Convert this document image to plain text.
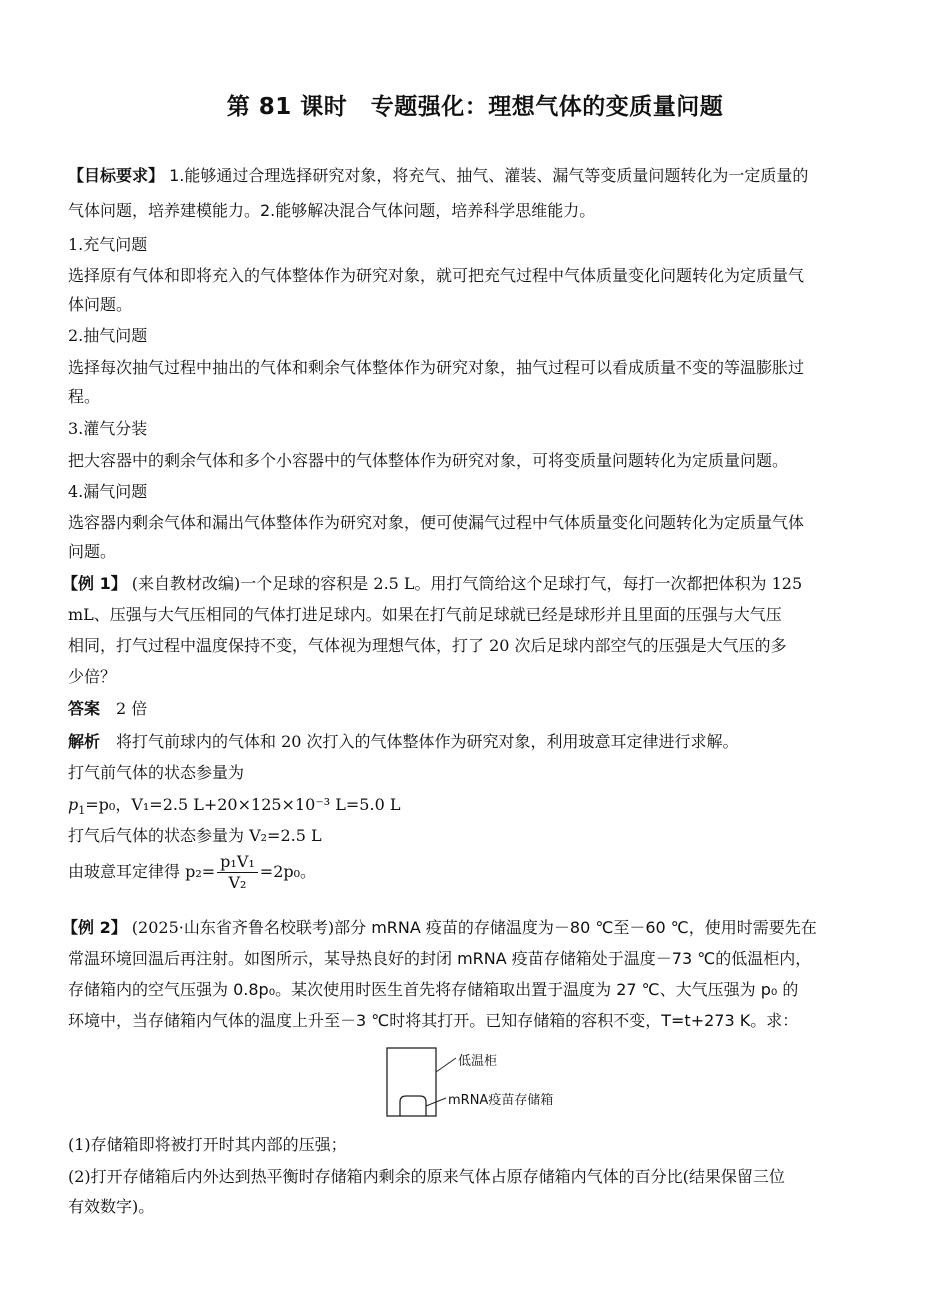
第 81 课时　专题强化：理想气体的变质量问题
【目标要求】 1.能够通过合理选择研究对象，将充气、抽气、灌装、漏气等变质量问题转化为一定质量的
气体问题，培养建模能力。2.能够解决混合气体问题，培养科学思维能力。
1.充气问题
选择原有气体和即将充入的气体整体作为研究对象，就可把充气过程中气体质量变化问题转化为定质量气
体问题。
2.抽气问题
选择每次抽气过程中抽出的气体和剩余气体整体作为研究对象，抽气过程可以看成质量不变的等温膨胀过
程。
3.灌气分装
把大容器中的剩余气体和多个小容器中的气体整体作为研究对象，可将变质量问题转化为定质量问题。
4.漏气问题
选容器内剩余气体和漏出气体整体作为研究对象，便可使漏气过程中气体质量变化问题转化为定质量气体
问题。
【例 1】 (来自教材改编)一个足球的容积是 2.5 L。用打气筒给这个足球打气，每打一次都把体积为 125
mL、压强与大气压相同的气体打进足球内。如果在打气前足球就已经是球形并且里面的压强与大气压
相同，打气过程中温度保持不变，气体视为理想气体，打了 20 次后足球内部空气的压强是大气压的多
少倍？
答案　2 倍
解析　将打气前球内的气体和 20 次打入的气体整体作为研究对象，利用玻意耳定律进行求解。
打气前气体的状态参量为
$p_1=p_0$，V₁=2.5 L+20×125×10⁻³ L=5.0 L
打气后气体的状态参量为 V₂=2.5 L
由玻意耳定律得 $p_2= \frac{\text{p₁V₁}}{\text{V₂}} =2p_0$。
【例 2】 (2025·山东省齐鲁名校联考)部分 mRNA 疫苗的存储温度为－80 ℃至－60 ℃，使用时需要先在
常温环境回温后再注射。如图所示，某导热良好的封闭 mRNA 疫苗存储箱处于温度－73 ℃的低温柜内，
存储箱内的空气压强为 0.8p₀。某次使用时医生首先将存储箱取出置于温度为 27 ℃、大气压强为 p₀ 的
环境中，当存储箱内气体的温度上升至－3 ℃时将其打开。已知存储箱的容积不变，T=t+273 K。求：
低温柜
mRNA疫苗存储箱
(1)存储箱即将被打开时其内部的压强；
(2)打开存储箱后内外达到热平衡时存储箱内剩余的原来气体占原存储箱内气体的百分比(结果保留三位
有效数字)。
